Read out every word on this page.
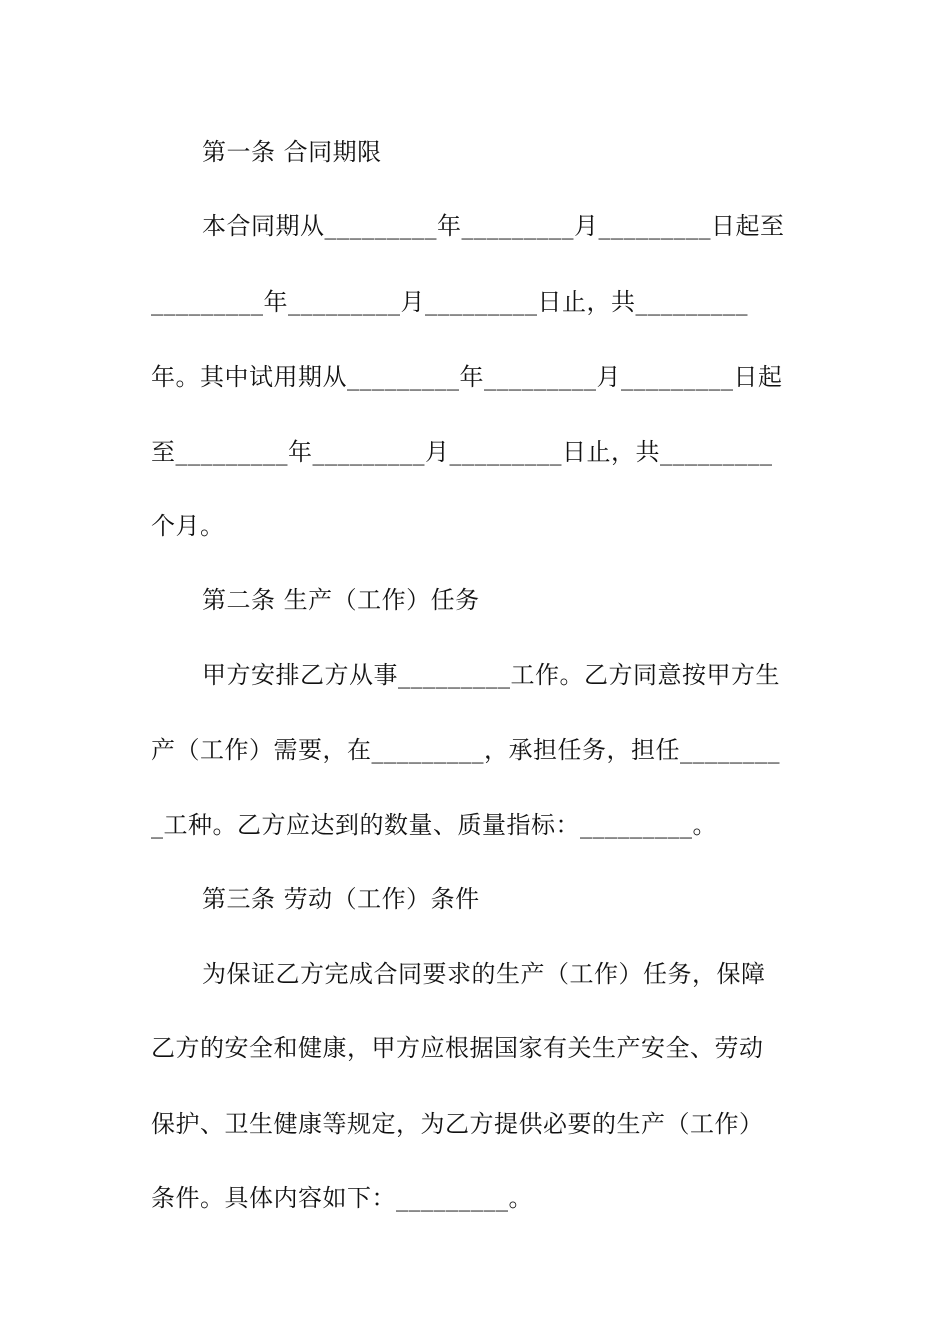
第一条 合同期限
本合同期从_________年_________月_________日起至
_________年_________月_________日止，共_________
年。其中试用期从_________年_________月_________日起
至_________年_________月_________日止，共_________
个月。
第二条 生产（工作）任务
甲方安排乙方从事_________工作。乙方同意按甲方生
产（工作）需要，在_________，承担任务，担任________
_工种。乙方应达到的数量、质量指标：_________。
第三条 劳动（工作）条件
为保证乙方完成合同要求的生产（工作）任务，保障
乙方的安全和健康，甲方应根据国家有关生产安全、劳动
保护、卫生健康等规定，为乙方提供必要的生产（工作）
条件。具体内容如下：_________。
